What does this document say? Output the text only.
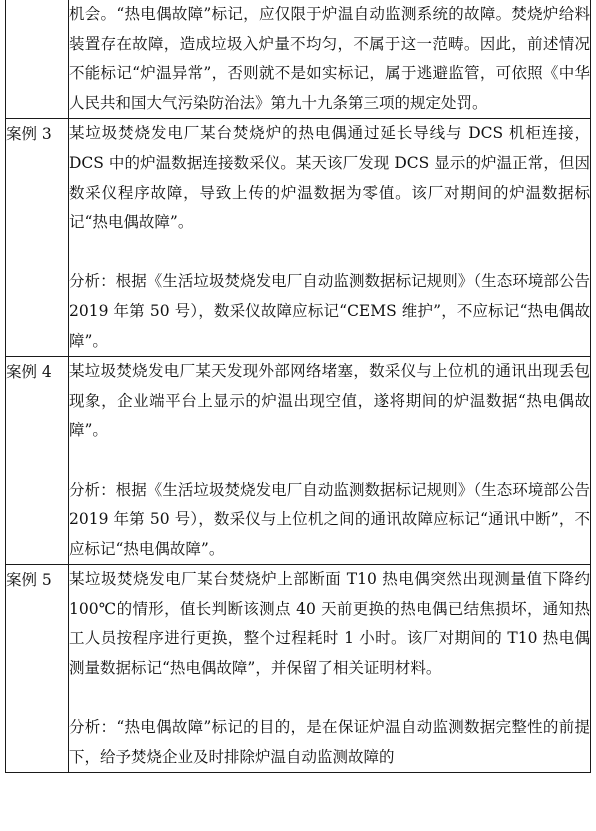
	机会。“热电偶故障”标记，应仅限于炉温自动监测系统的故障。焚烧炉给料装置存在故障，造成垃圾入炉量不均匀，不属于这一范畴。因此，前述情况不能标记“炉温异常”，否则就不是如实标记，属于逃避监管，可依照《中华人民共和国大气污染防治法》第九十九条第三项的规定处罚。

案例 3	某垃圾焚烧发电厂某台焚烧炉的热电偶通过延长导线与 DCS 机柜连接，DCS 中的炉温数据连接数采仪。某天该厂发现 DCS 显示的炉温正常，但因数采仪程序故障，导致上传的炉温数据为零值。该厂对期间的炉温数据标记“热电偶故障”。

分析：根据《生活垃圾焚烧发电厂自动监测数据标记规则》（生态环境部公告 2019 年第 50 号），数采仪故障应标记“CEMS 维护”，不应标记“热电偶故障”。

案例 4	某垃圾焚烧发电厂某天发现外部网络堵塞，数采仪与上位机的通讯出现丢包现象，企业端平台上显示的炉温出现空值，遂将期间的炉温数据“热电偶故障”。

分析：根据《生活垃圾焚烧发电厂自动监测数据标记规则》（生态环境部公告 2019 年第 50 号），数采仪与上位机之间的通讯故障应标记“通讯中断”，不应标记“热电偶故障”。

案例 5	某垃圾焚烧发电厂某台焚烧炉上部断面 T10 热电偶突然出现测量值下降约 100℃的情形，值长判断该测点 40 天前更换的热电偶已结焦损坏，通知热工人员按程序进行更换，整个过程耗时 1 小时。该厂对期间的 T10 热电偶测量数据标记“热电偶故障”，并保留了相关证明材料。

分析：“热电偶故障”标记的目的，是在保证炉温自动监测数据完整性的前提下，给予焚烧企业及时排除炉温自动监测故障的
